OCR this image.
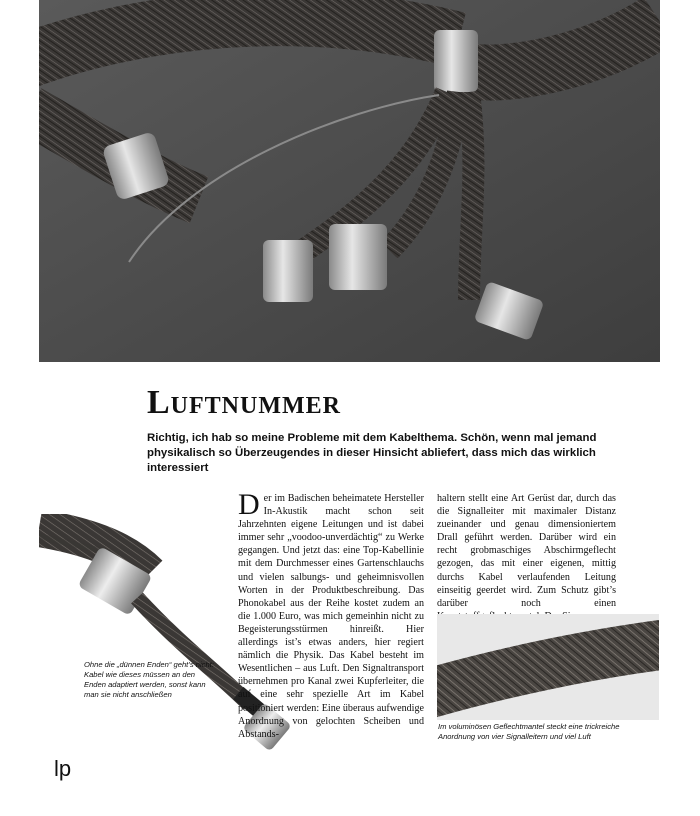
Luftnummer

Richtig, ich hab so meine Probleme mit dem Kabelthema. Schön, wenn mal jemand physikalisch so Überzeugendes in dieser Hinsicht abliefert, dass mich das wirklich interessiert

Ohne die „dünnen Enden“ geht’s nicht: Kabel wie dieses müssen an den Enden adaptiert werden, sonst kann man sie nicht anschließen

Der im Badischen beheimatete Hersteller In-Akustik macht schon seit Jahrzehnten eigene Leitungen und ist dabei immer sehr „voodoo-unverdächtig“ zu Werke gegangen. Und jetzt das: eine Top-Kabellinie mit dem Durchmesser eines Gartenschlauchs und vielen salbungs- und geheimnisvollen Worten in der Produktbeschreibung. Das Phonokabel aus der Reihe kostet zudem an die 1.000 Euro, was mich gemeinhin nicht zu Begeisterungsstürmen hinreißt. Hier allerdings ist’s etwas anders, hier regiert nämlich die Physik. Das Kabel besteht im Wesentlichen – aus Luft. Den Signaltransport übernehmen pro Kanal zwei Kupferleiter, die auf eine sehr spezielle Art im Kabel positioniert werden: Eine überaus aufwendige Anordnung von gelochten Scheiben und Abstands-
haltern stellt eine Art Gerüst dar, durch das die Signalleiter mit maximaler Distanz zueinander und genau dimensioniertem Drall geführt werden. Darüber wird ein recht grobmaschiges Abschirmgeflecht gezogen, das mit einer eigenen, mittig durchs Kabel verlaufenden Leitung einseitig geerdet wird. Zum Schutz gibt’s darüber noch einen

Im voluminösen Geflechtmantel steckt eine trickreiche Anordnung von vier Signalleitern und viel Luft

lp
